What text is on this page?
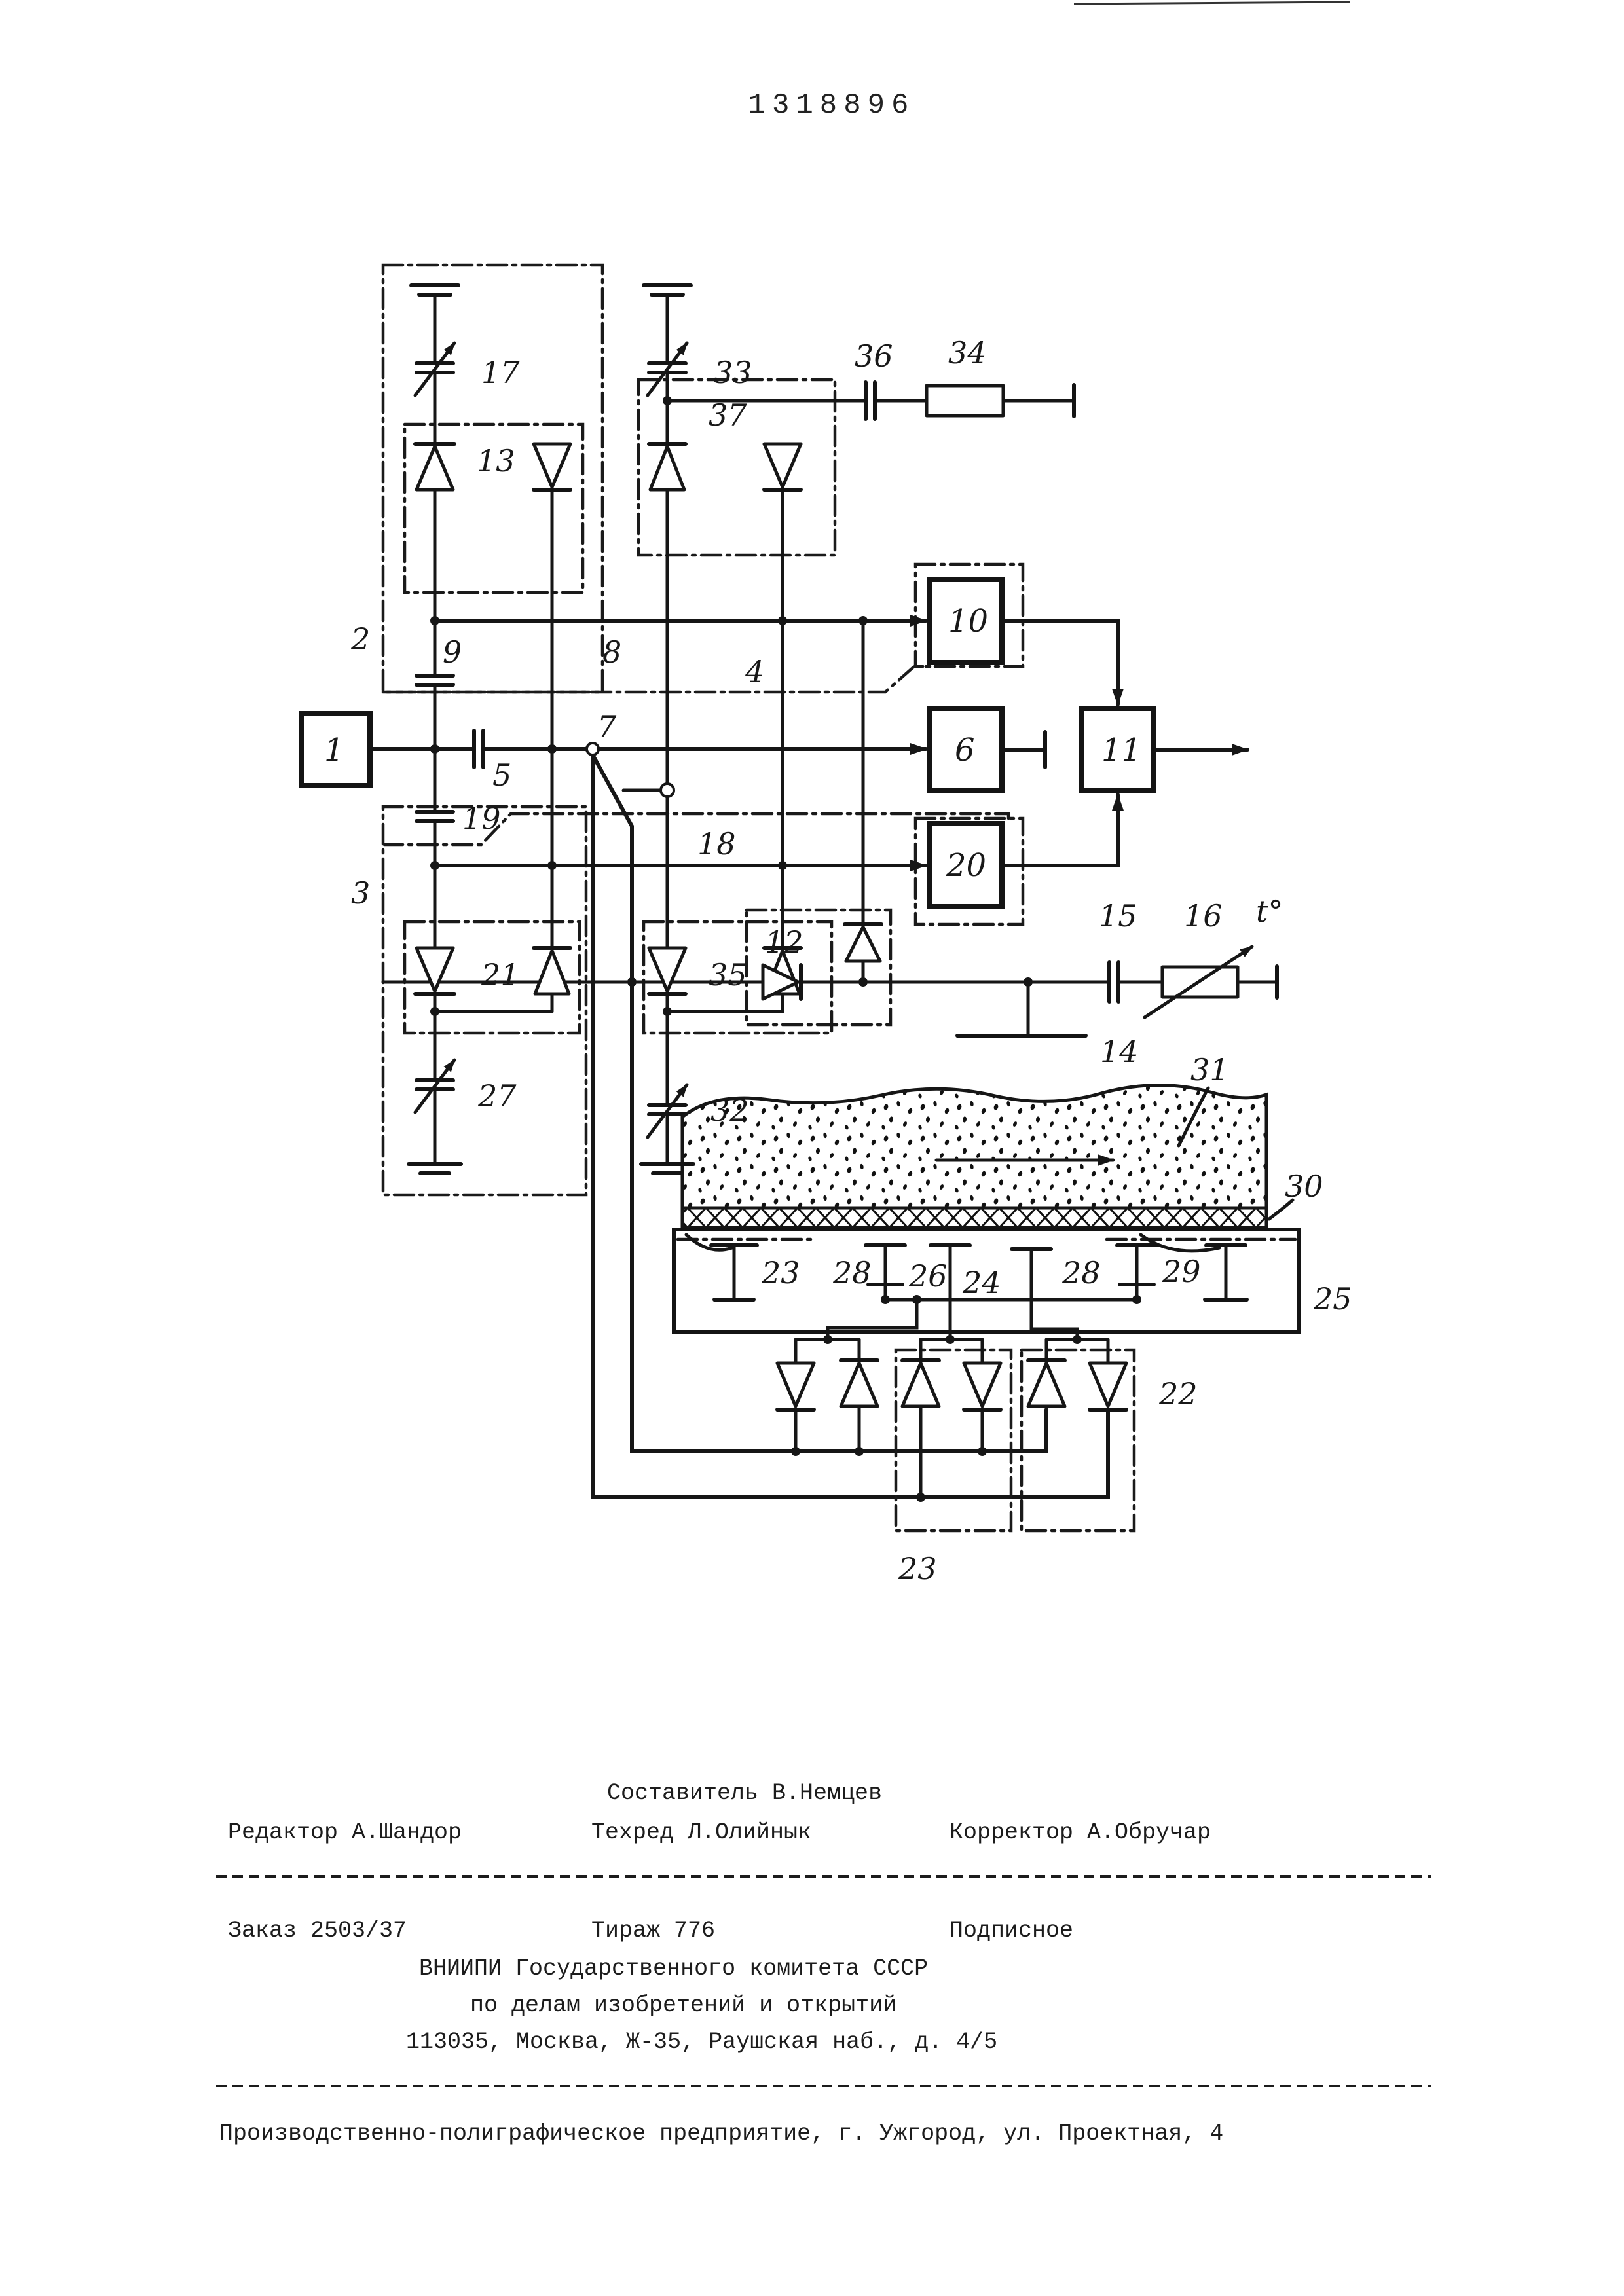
1318896
17	33	36 34
13
37
2 9	8
4
1
5
7
19
18
3
21	35
27
12
14
15 16 t°
10
6
20
11
31
30
25
23 28 26 24 28 29
22
23
Составитель В.Немцев
Редактор А.Шандор	Техред Л.Олийнык	Корректор А.Обручар
Заказ 2503/37	Тираж 776	Подписное
ВНИИПИ Государственного комитета СССР
по делам изобретений и открытий
113035, Москва, Ж-35, Раушская наб., д. 4/5
Производственно-полиграфическое предприятие, г. Ужгород, ул. Проектная, 4
